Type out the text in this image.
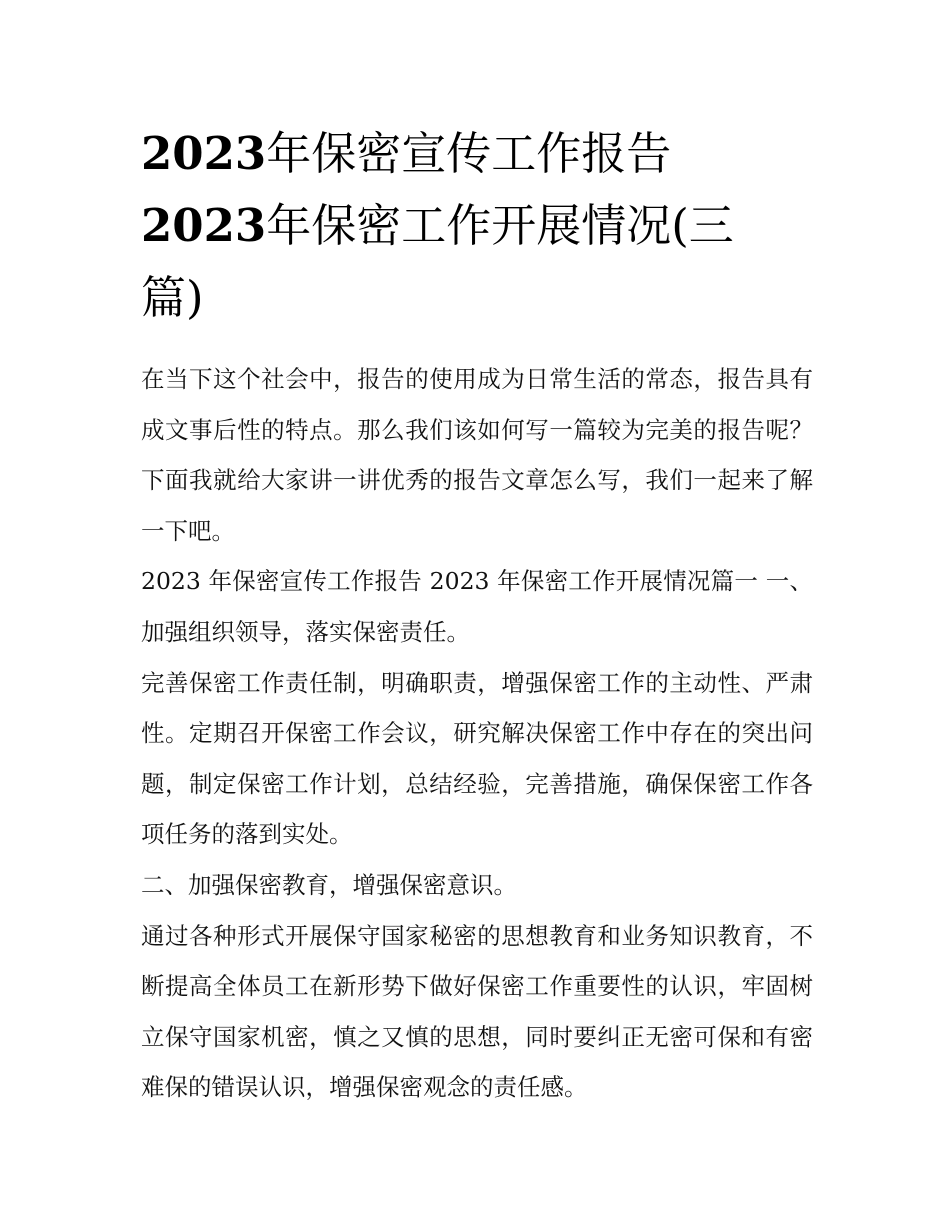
2023年保密宣传工作报告
2023年保密工作开展情况(三
篇)

在当下这个社会中，报告的使用成为日常生活的常态，报告具有成文事后性的特点。那么我们该如何写一篇较为完美的报告呢？下面我就给大家讲一讲优秀的报告文章怎么写，我们一起来了解一下吧。

2023 年保密宣传工作报告 2023 年保密工作开展情况篇一 一、加强组织领导，落实保密责任。

完善保密工作责任制，明确职责，增强保密工作的主动性、严肃性。定期召开保密工作会议，研究解决保密工作中存在的突出问题，制定保密工作计划，总结经验，完善措施，确保保密工作各项任务的落到实处。

二、加强保密教育，增强保密意识。

通过各种形式开展保守国家秘密的思想教育和业务知识教育，不断提高全体员工在新形势下做好保密工作重要性的认识，牢固树立保守国家机密，慎之又慎的思想，同时要纠正无密可保和有密难保的错误认识，增强保密观念的责任感。
